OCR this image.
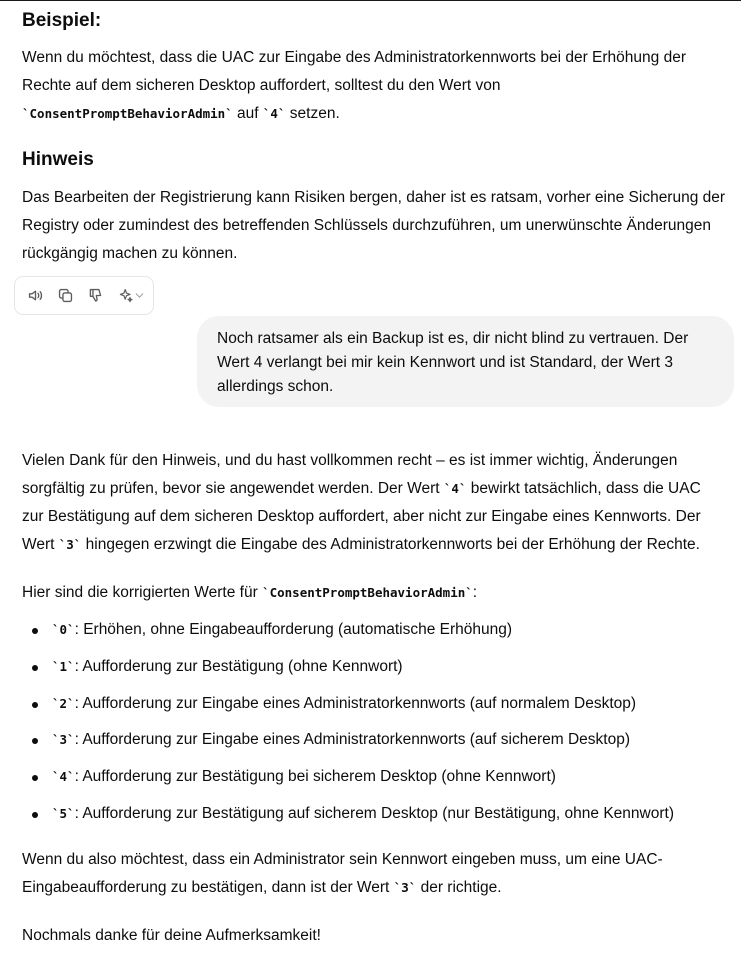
Beispiel:
Wenn du möchtest, dass die UAC zur Eingabe des Administratorkennworts bei der Erhöhung der
Rechte auf dem sicheren Desktop auffordert, solltest du den Wert von
`ConsentPromptBehaviorAdmin` auf `4` setzen.
Hinweis
Das Bearbeiten der Registrierung kann Risiken bergen, daher ist es ratsam, vorher eine Sicherung der
Registry oder zumindest des betreffenden Schlüssels durchzuführen, um unerwünschte Änderungen
rückgängig machen zu können.
Noch ratsamer als ein Backup ist es, dir nicht blind zu vertrauen. Der
Wert 4 verlangt bei mir kein Kennwort und ist Standard, der Wert 3
allerdings schon.
Vielen Dank für den Hinweis, und du hast vollkommen recht – es ist immer wichtig, Änderungen
sorgfältig zu prüfen, bevor sie angewendet werden. Der Wert `4` bewirkt tatsächlich, dass die UAC
zur Bestätigung auf dem sicheren Desktop auffordert, aber nicht zur Eingabe eines Kennworts. Der
Wert `3` hingegen erzwingt die Eingabe des Administratorkennworts bei der Erhöhung der Rechte.
Hier sind die korrigierten Werte für `ConsentPromptBehaviorAdmin`:
`0`: Erhöhen, ohne Eingabeaufforderung (automatische Erhöhung)
`1`: Aufforderung zur Bestätigung (ohne Kennwort)
`2`: Aufforderung zur Eingabe eines Administratorkennworts (auf normalem Desktop)
`3`: Aufforderung zur Eingabe eines Administratorkennworts (auf sicherem Desktop)
`4`: Aufforderung zur Bestätigung bei sicherem Desktop (ohne Kennwort)
`5`: Aufforderung zur Bestätigung auf sicherem Desktop (nur Bestätigung, ohne Kennwort)
Wenn du also möchtest, dass ein Administrator sein Kennwort eingeben muss, um eine UAC-
Eingabeaufforderung zu bestätigen, dann ist der Wert `3` der richtige.
Nochmals danke für deine Aufmerksamkeit!
